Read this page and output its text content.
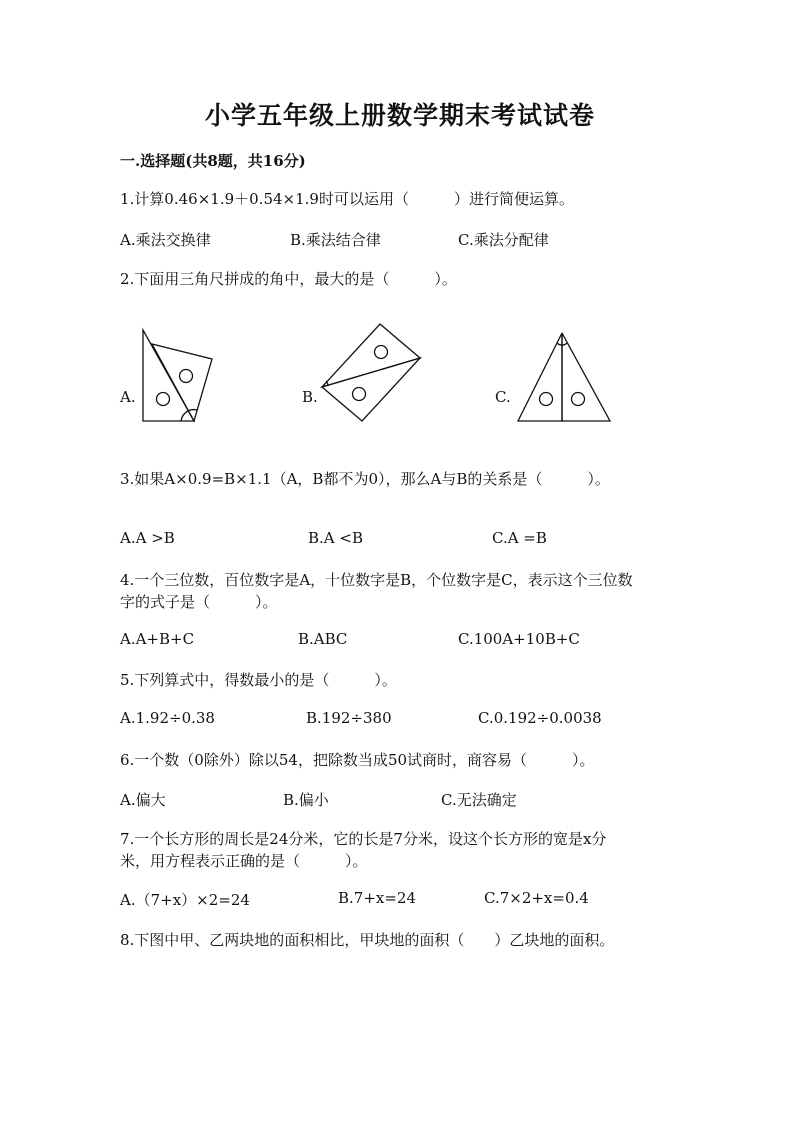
小学五年级上册数学期末考试试卷
一.选择题(共8题，共16分)
1.计算0.46×1.9＋0.54×1.9时可以运用（　　　）进行简便运算。
A.乘法交换律	B.乘法结合律	C.乘法分配律
2.下面用三角尺拼成的角中，最大的是（　　　）。
A.	B.	C.
3.如果A×0.9=B×1.1（A，B都不为0），那么A与B的关系是（　　　）。
A.A >B	B.A <B	C.A =B
4.一个三位数，百位数字是A，十位数字是B，个位数字是C，表示这个三位数
字的式子是（　　　）。
A.A+B+C	B.ABC	C.100A+10B+C
5.下列算式中，得数最小的是（　　　）。
A.1.92÷0.38	B.192÷380	C.0.192÷0.0038
6.一个数（0除外）除以54，把除数当成50试商时，商容易（　　　）。
A.偏大	B.偏小	C.无法确定
7.一个长方形的周长是24分米，它的长是7分米，设这个长方形的宽是x分
米，用方程表示正确的是（　　　）。
A.（7+x）×2=24	B.7+x=24	C.7×2+x=0.4
8.下图中甲、乙两块地的面积相比，甲块地的面积（　　）乙块地的面积。
